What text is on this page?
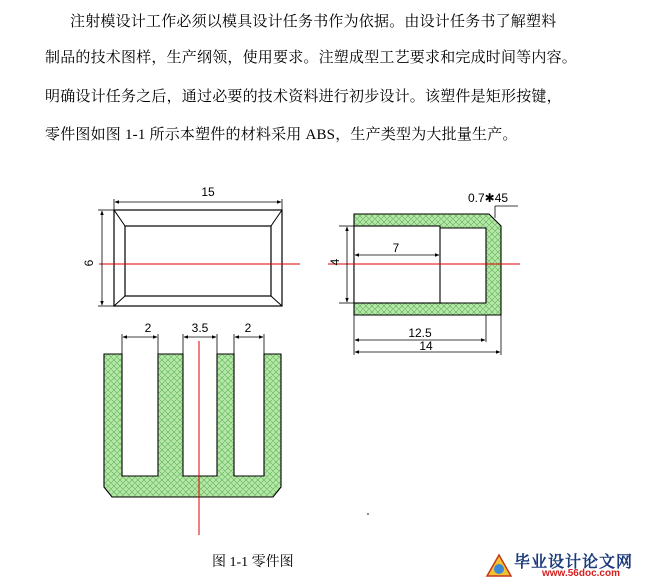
注射模设计工作必须以模具设计任务书作为依据。由设计任务书了解塑料
制品的技术图样，生产纲领，使用要求。注塑成型工艺要求和完成时间等内容。
明确设计任务之后，通过必要的技术资料进行初步设计。该塑件是矩形按键，
零件图如图 1-1 所示本塑件的材料采用 ABS，生产类型为大批量生产。
15
6
0.7✱45
4
7
12.5
14
2	3.5	2
图 1-1 零件图	毕业设计论文网
www.56doc.com
